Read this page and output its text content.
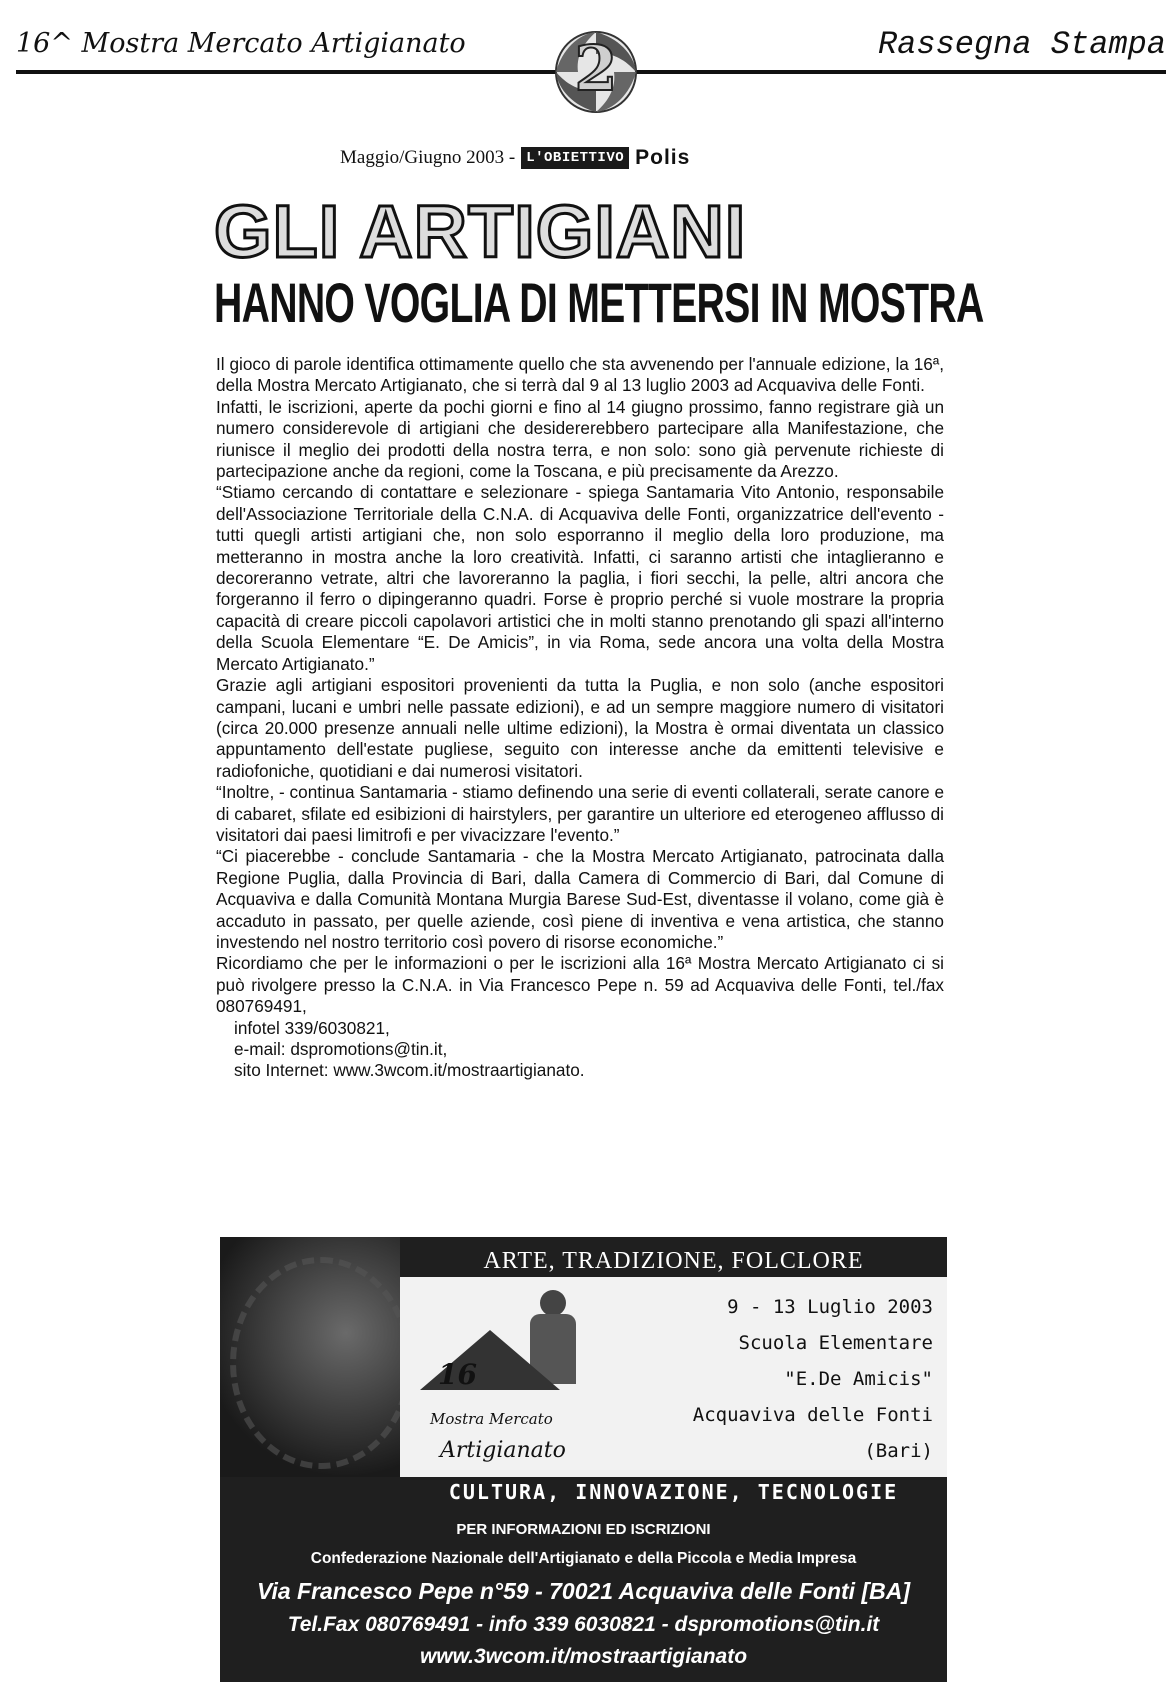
16^ Mostra Mercato Artigianato	Rassegna Stampa
2
Maggio/Giugno 2003 - L'OBIETTIVO Polis
GLI ARTIGIANI
HANNO VOGLIA DI METTERSI IN MOSTRA

Il gioco di parole identifica ottimamente quello che sta avvenendo per l'annuale edizione, la 16ª, della Mostra Mercato Artigianato, che si terrà dal 9 al 13 luglio 2003 ad Acquaviva delle Fonti.

Infatti, le iscrizioni, aperte da pochi giorni e fino al 14 giugno prossimo, fanno registrare già un numero considerevole di artigiani che desidererebbero partecipare alla Manifestazione, che riunisce il meglio dei prodotti della nostra terra, e non solo: sono già pervenute richieste di partecipazione anche da regioni, come la Toscana, e più precisamente da Arezzo.

“Stiamo cercando di contattare e selezionare - spiega Santamaria Vito Antonio, responsabile dell'Associazione Territoriale della C.N.A. di Acquaviva delle Fonti, organizzatrice dell'evento - tutti quegli artisti artigiani che, non solo esporranno il meglio della loro produzione, ma metteranno in mostra anche la loro creatività. Infatti, ci saranno artisti che intaglieranno e decoreranno vetrate, altri che lavoreranno la paglia, i fiori secchi, la pelle, altri ancora che forgeranno il ferro o dipingeranno quadri. Forse è proprio perché si vuole mostrare la propria capacità di creare piccoli capolavori artistici che in molti stanno prenotando gli spazi all'interno della Scuola Elementare “E. De Amicis”, in via Roma, sede ancora una volta della Mostra Mercato Artigianato.”

Grazie agli artigiani espositori provenienti da tutta la Puglia, e non solo (anche espositori campani, lucani e umbri nelle passate edizioni), e ad un sempre maggiore numero di visitatori (circa 20.000 presenze annuali nelle ultime edizioni), la Mostra è ormai diventata un classico appuntamento dell'estate pugliese, seguito con interesse anche da emittenti televisive e radiofoniche, quotidiani e dai numerosi visitatori.

“Inoltre, - continua Santamaria - stiamo definendo una serie di eventi collaterali, serate canore e di cabaret, sfilate ed esibizioni di hairstylers, per garantire un ulteriore ed eterogeneo afflusso di visitatori dai paesi limitrofi e per vivacizzare l'evento.”

“Ci piacerebbe - conclude Santamaria - che la Mostra Mercato Artigianato, patrocinata dalla Regione Puglia, dalla Provincia di Bari, dalla Camera di Commercio di Bari, dal Comune di Acquaviva e dalla Comunità Montana Murgia Barese Sud-Est, diventasse il volano, come già è accaduto in passato, per quelle aziende, così piene di inventiva e vena artistica, che stanno investendo nel nostro territorio così povero di risorse economiche.”

Ricordiamo che per le informazioni o per le iscrizioni alla 16ª Mostra Mercato Artigianato ci si può rivolgere presso la C.N.A. in Via Francesco Pepe n. 59 ad Acquaviva delle Fonti, tel./fax 080769491,

infotel 339/6030821,

e-mail: dspromotions@tin.it,

sito Internet: www.3wcom.it/mostraartigianato.

ARTE, TRADIZIONE, FOLCLORE
16
Mostra Mercato
Artigianato
9 - 13 Luglio 2003
Scuola Elementare
"E.De Amicis"
Acquaviva delle Fonti
(Bari)
CULTURA, INNOVAZIONE, TECNOLOGIE
PER INFORMAZIONI ED ISCRIZIONI
Confederazione Nazionale dell'Artigianato e della Piccola e Media Impresa
Via Francesco Pepe n°59 - 70021 Acquaviva delle Fonti [BA]
Tel.Fax 080769491 - info 339 6030821 - dspromotions@tin.it
www.3wcom.it/mostraartigianato
